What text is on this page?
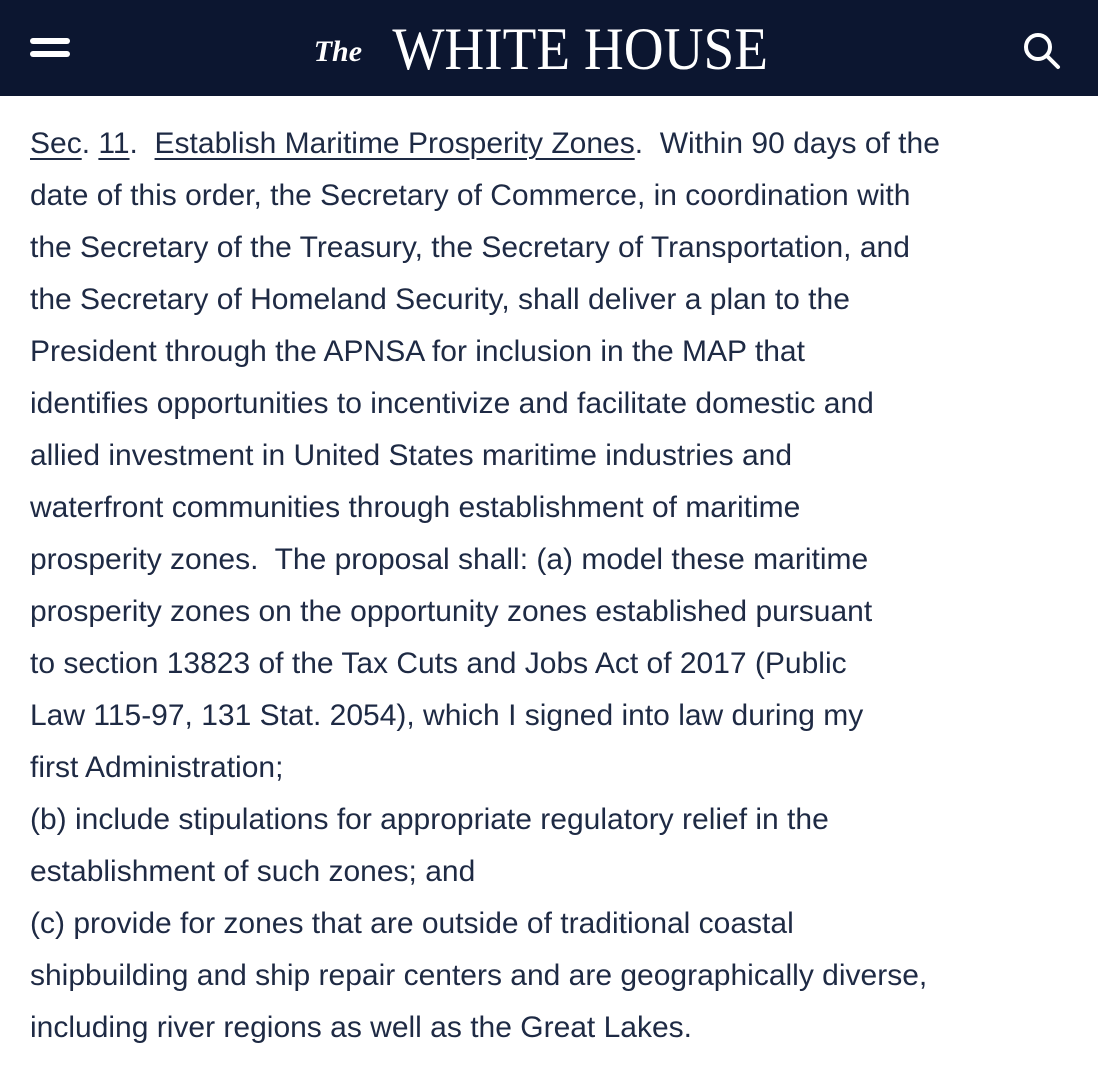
The WHITE HOUSE
Sec. 11.  Establish Maritime Prosperity Zones.  Within 90 days of the
date of this order, the Secretary of Commerce, in coordination with
the Secretary of the Treasury, the Secretary of Transportation, and
the Secretary of Homeland Security, shall deliver a plan to the
President through the APNSA for inclusion in the MAP that
identifies opportunities to incentivize and facilitate domestic and
allied investment in United States maritime industries and
waterfront communities through establishment of maritime
prosperity zones.  The proposal shall: (a) model these maritime
prosperity zones on the opportunity zones established pursuant
to section 13823 of the Tax Cuts and Jobs Act of 2017 (Public
Law 115-97, 131 Stat. 2054), which I signed into law during my
first Administration;
(b) include stipulations for appropriate regulatory relief in the
establishment of such zones; and
(c) provide for zones that are outside of traditional coastal
shipbuilding and ship repair centers and are geographically diverse,
including river regions as well as the Great Lakes.
